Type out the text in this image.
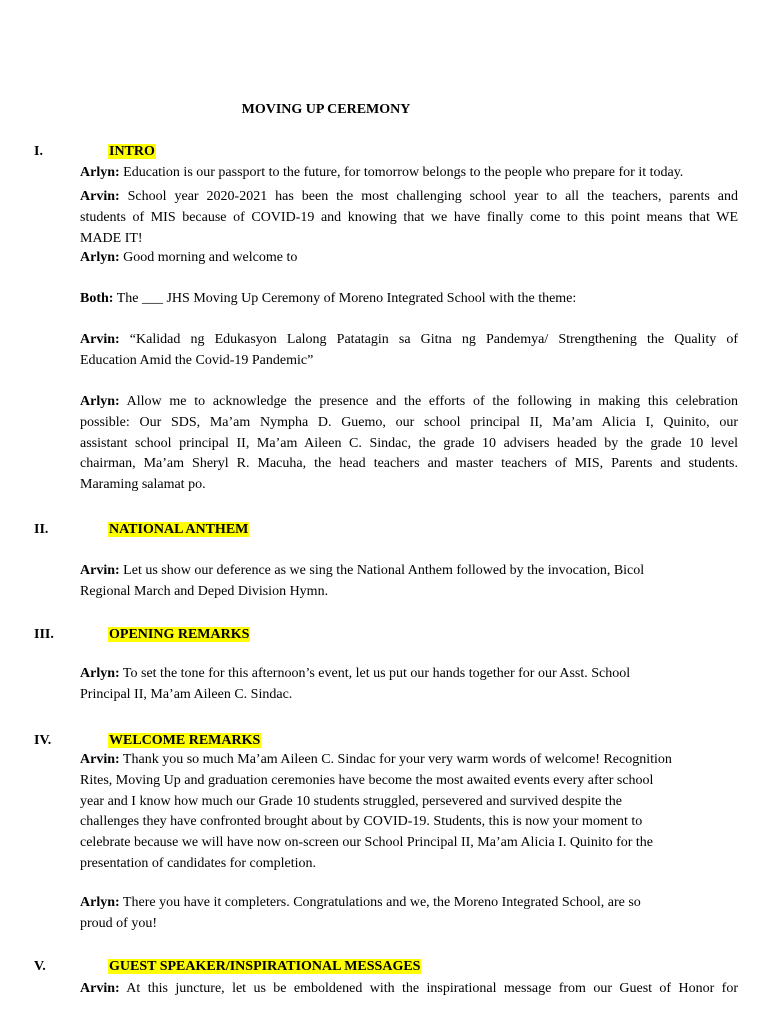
MOVING UP CEREMONY
I.	INTRO
Arlyn: Education is our passport to the future, for tomorrow belongs to the people who prepare for it today.
Arvin: School year 2020-2021 has been the most challenging school year to all the teachers, parents and
students of MIS because of COVID-19 and knowing that we have finally come to this point means that WE
MADE IT!
Arlyn: Good morning and welcome to
Both: The ___ JHS Moving Up Ceremony of Moreno Integrated School with the theme:
Arvin: “Kalidad ng Edukasyon Lalong Patatagin sa Gitna ng Pandemya/ Strengthening the Quality of
Education Amid the Covid-19 Pandemic”
Arlyn: Allow me to acknowledge the presence and the efforts of the following in making this celebration
possible: Our SDS, Ma’am Nympha D. Guemo, our school principal II, Ma’am Alicia I, Quinito, our
assistant school principal II, Ma’am Aileen C. Sindac, the grade 10 advisers headed by the grade 10 level
chairman, Ma’am Sheryl R. Macuha, the head teachers and master teachers of MIS, Parents and students.
Maraming salamat po.
II.	NATIONAL ANTHEM
Arvin: Let us show our deference as we sing the National Anthem followed by the invocation, Bicol
Regional March and Deped Division Hymn.
III.	OPENING REMARKS
Arlyn: To set the tone for this afternoon’s event, let us put our hands together for our Asst. School
Principal II, Ma’am Aileen C. Sindac.
IV.	WELCOME REMARKS
Arvin: Thank you so much Ma’am Aileen C. Sindac for your very warm words of welcome! Recognition
Rites, Moving Up and graduation ceremonies have become the most awaited events every after school
year and I know how much our Grade 10 students struggled, persevered and survived despite the
challenges they have confronted brought about by COVID-19. Students, this is now your moment to
celebrate because we will have now on-screen our School Principal II, Ma’am Alicia I. Quinito for the
presentation of candidates for completion.
Arlyn: There you have it completers. Congratulations and we, the Moreno Integrated School, are so
proud of you!
V.	GUEST SPEAKER/INSPIRATIONAL MESSAGES
Arvin: At this juncture, let us be emboldened with the inspirational message from our Guest of Honor for
